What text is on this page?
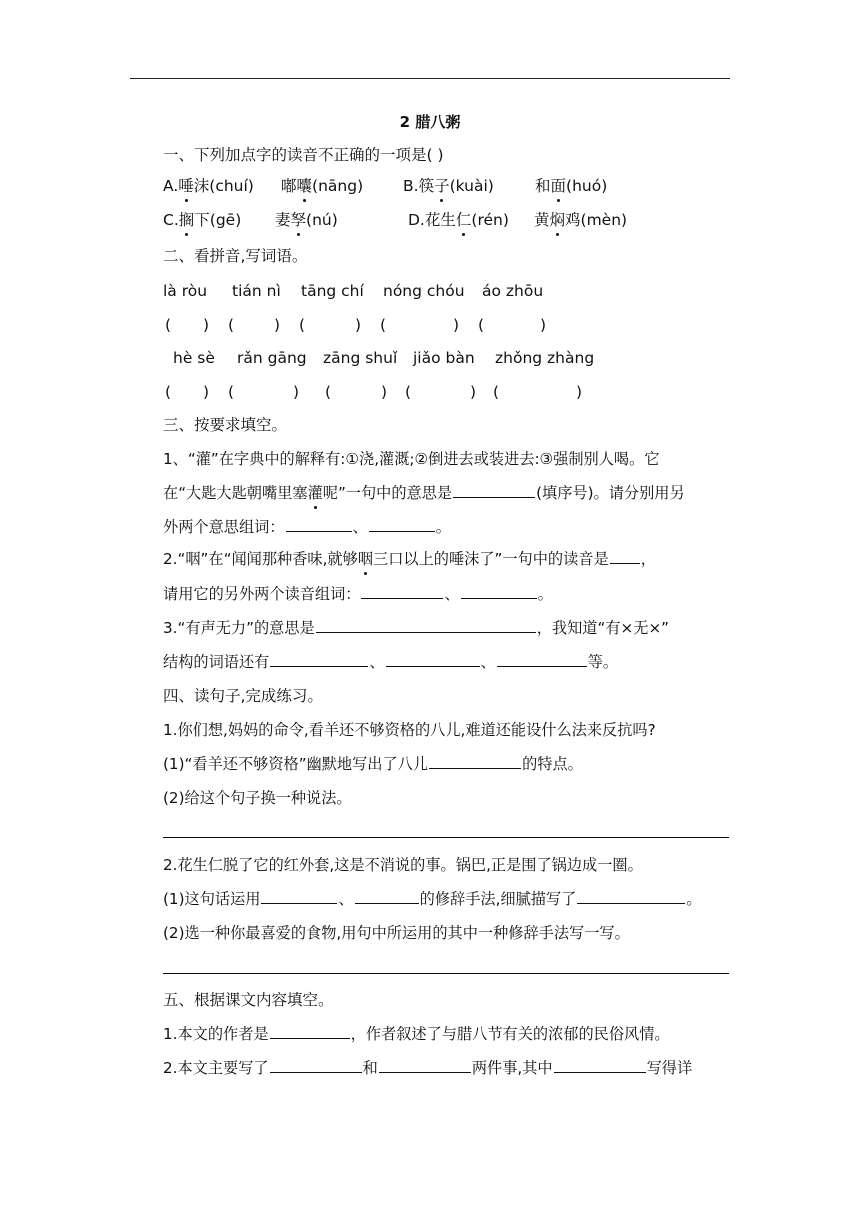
2 腊八粥
一、下列加点字的读音不正确的一项是( )
A.唾沫(chuí) 嘟囔(nāng)	B.筷子(kuài)	和面(huó)
C.搁下(gē) 妻孥(nú)	D.花生仁(rén) 黄焖鸡(mèn)
二、看拼音,写词语。
là ròu tián nì tāng chí nóng chóu áo zhōu
( ) (	) (	) (	) (	)
hè sè rǎn gāng zāng shuǐ jiǎo bàn zhǒng zhàng
( ) (	) (	) (	) (	)
三、按要求填空。
1、“灌”在字典中的解释有:①浇,灌溉;②倒进去或装进去:③强制别人喝。它
在“大匙大匙朝嘴里塞灌呢”一句中的意思是	(填序号)。请分别用另
外两个意思组词：	、	。
2.“咽”在“闻闻那种香味,就够咽三口以上的唾沫了”一句中的读音是 ，
请用它的另外两个读音组词：	、	。
3.“有声无力”的意思是	，我知道“有×无×”
结构的词语还有	、	、	等。
四、读句子,完成练习。
1.你们想,妈妈的命令,看羊还不够资格的八儿,难道还能设什么法来反抗吗?
(1)“看羊还不够资格”幽默地写出了八儿	的特点。
(2)给这个句子换一种说法。
2.花生仁脱了它的红外套,这是不消说的事。锅巴,正是围了锅边成一圈。
(1)这句话运用	、	的修辞手法,细腻描写了	。
(2)选一种你最喜爱的食物,用句中所运用的其中一种修辞手法写一写。
五、根据课文内容填空。
1.本文的作者是	，作者叙述了与腊八节有关的浓郁的民俗风情。
2.本文主要写了	和	两件事,其中	写得详
